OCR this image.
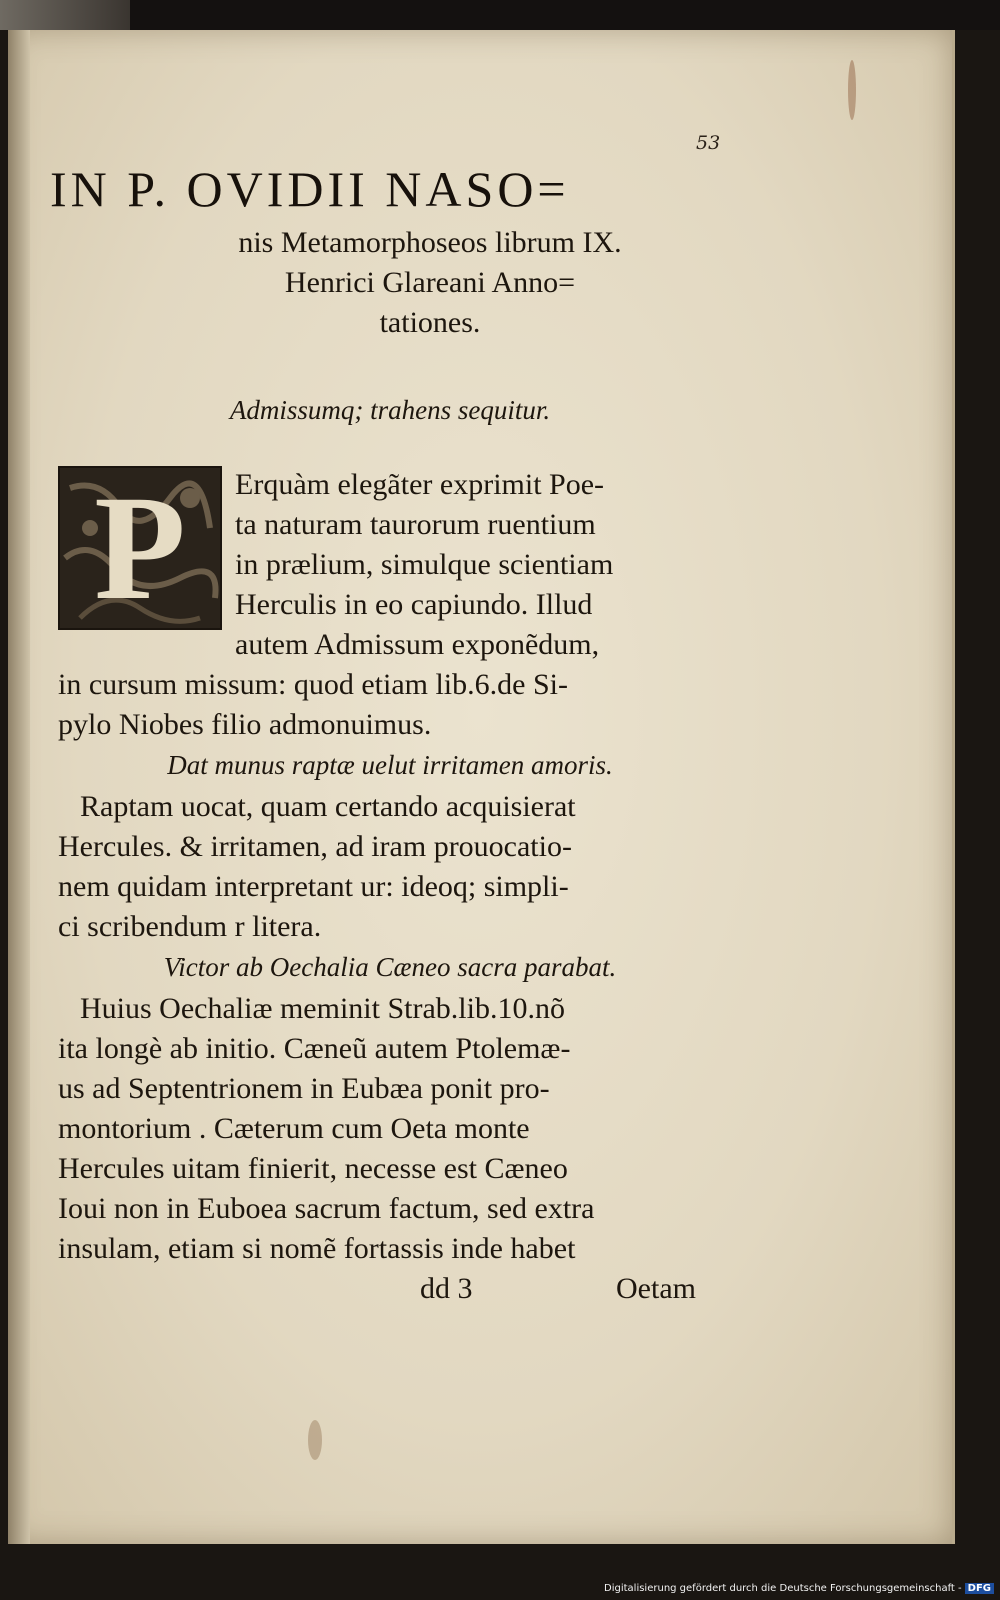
53
IN P. OVIDII NASO=
nis Metamorphoseos librum IX.
Henrici Glareani Anno=
tationes.
Admissumq; trahens sequitur.
P Erquàm elegãter exprimit Poe-
ta naturam taurorum ruentium
in prælium, simulque scientiam
Herculis in eo capiundo. Illud
autem Admissum exponẽdum,
in cursum missum: quod etiam lib.6.de Si-
pylo Niobes filio admonuimus.
Dat munus raptæ uelut irritamen amoris.
Raptam uocat, quam certando acquisierat
Hercules. & irritamen, ad iram prouocatio-
nem quidam interpretant ur: ideoq; simpli-
ci scribendum r litera.
Victor ab Oechalia Cæneo sacra parabat.
Huius Oechaliæ meminit Strab.lib.10.nõ
ita longè ab initio. Cæneũ autem Ptolemæ-
us ad Septentrionem in Eubæa ponit pro-
montorium . Cæterum cum Oeta monte
Hercules uitam finierit, necesse est Cæneo
Ioui non in Euboea sacrum factum, sed extra
insulam, etiam si nomẽ fortassis inde habet
dd 3	Oetam
Digitalisierung gefördert durch die Deutsche Forschungsgemeinschaft - DFG
